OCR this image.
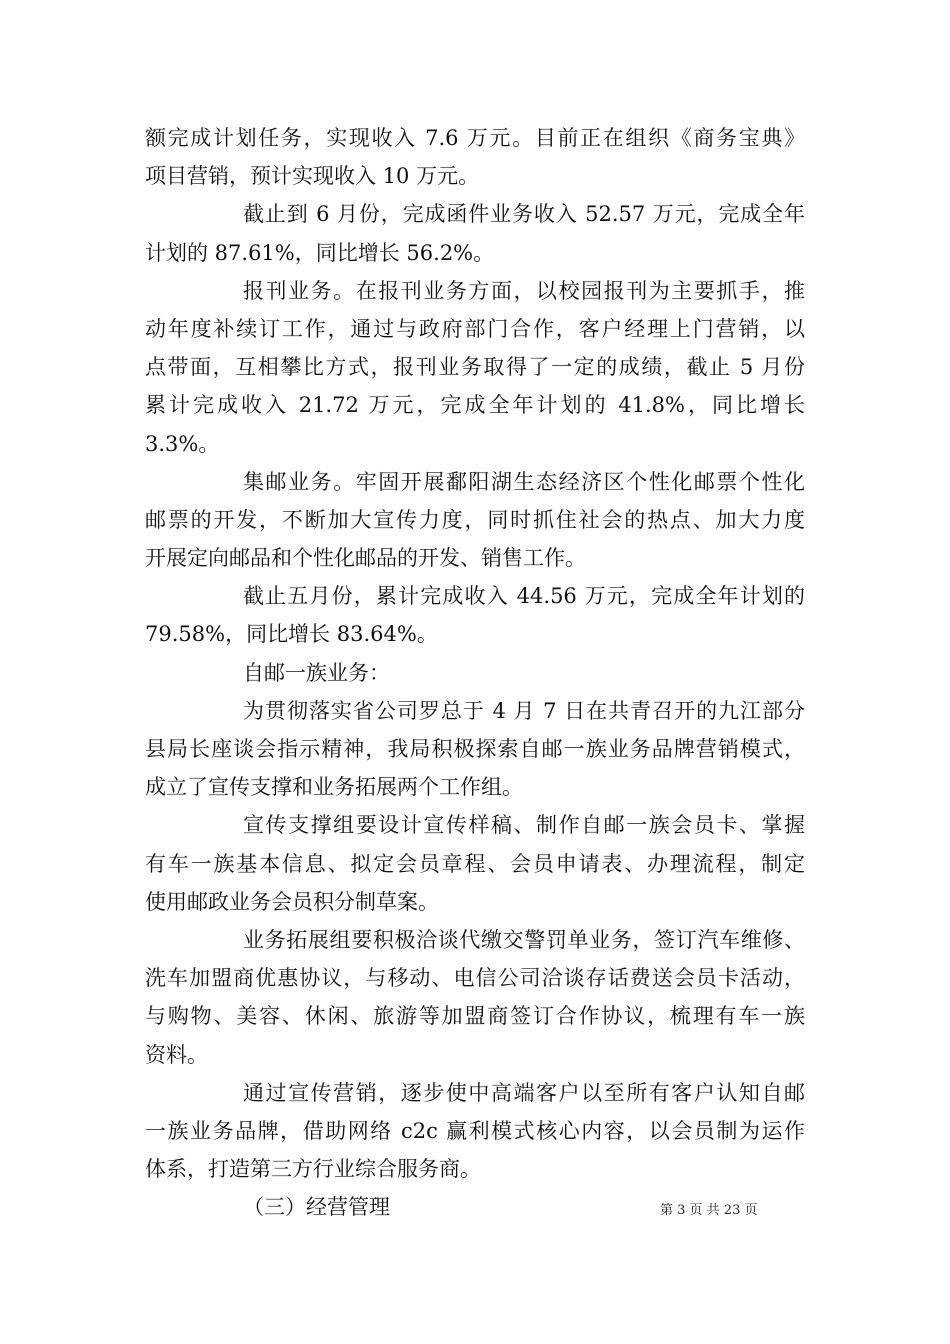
额完成计划任务，实现收入 7.6 万元。目前正在组织《商务宝典》
项目营销，预计实现收入 10 万元。
截止到 6 月份，完成函件业务收入 52.57 万元，完成全年
计划的 87.61%，同比增长 56.2%。
报刊业务。在报刊业务方面，以校园报刊为主要抓手，推
动年度补续订工作，通过与政府部门合作，客户经理上门营销，以
点带面，互相攀比方式，报刊业务取得了一定的成绩，截止 5 月份
累计完成收入 21.72 万元，完成全年计划的 41.8%，同比增长
3.3%。
集邮业务。牢固开展鄱阳湖生态经济区个性化邮票个性化
邮票的开发，不断加大宣传力度，同时抓住社会的热点、加大力度
开展定向邮品和个性化邮品的开发、销售工作。
截止五月份，累计完成收入 44.56 万元，完成全年计划的
79.58%，同比增长 83.64%。
自邮一族业务：
为贯彻落实省公司罗总于 4 月 7 日在共青召开的九江部分
县局长座谈会指示精神，我局积极探索自邮一族业务品牌营销模式，
成立了宣传支撑和业务拓展两个工作组。
宣传支撑组要设计宣传样稿、制作自邮一族会员卡、掌握
有车一族基本信息、拟定会员章程、会员申请表、办理流程，制定
使用邮政业务会员积分制草案。
业务拓展组要积极洽谈代缴交警罚单业务，签订汽车维修、
洗车加盟商优惠协议，与移动、电信公司洽谈存话费送会员卡活动，
与购物、美容、休闲、旅游等加盟商签订合作协议，梳理有车一族
资料。
通过宣传营销，逐步使中高端客户以至所有客户认知自邮
一族业务品牌，借助网络 c2c 赢利模式核心内容，以会员制为运作
体系，打造第三方行业综合服务商。
（三）经营管理	第 3 页 共 23 页
